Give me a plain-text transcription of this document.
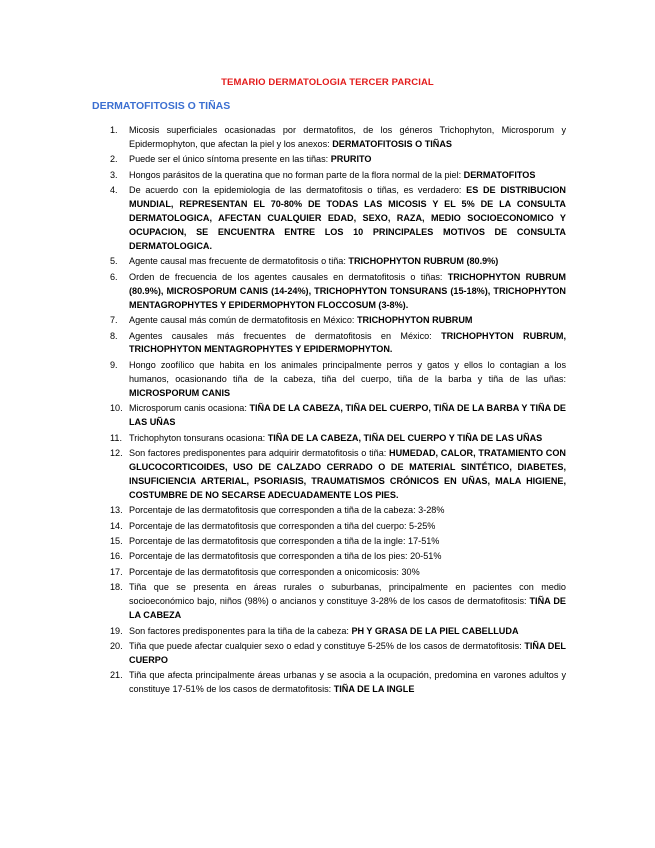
TEMARIO DERMATOLOGIA TERCER PARCIAL
DERMATOFITOSIS O TIÑAS
1. Micosis superficiales ocasionadas por dermatofitos, de los géneros Trichophyton, Microsporum y Epidermophyton, que afectan la piel y los anexos: DERMATOFITOSIS O TIÑAS
2. Puede ser el único síntoma presente en las tiñas: PRURITO
3. Hongos parásitos de la queratina que no forman parte de la flora normal de la piel: DERMATOFITOS
4. De acuerdo con la epidemiologia de las dermatofitosis o tiñas, es verdadero: ES DE DISTRIBUCION MUNDIAL, REPRESENTAN EL 70-80% DE TODAS LAS MICOSIS Y EL 5% DE LA CONSULTA DERMATOLOGICA, AFECTAN CUALQUIER EDAD, SEXO, RAZA, MEDIO SOCIOECONOMICO Y OCUPACION, SE ENCUENTRA ENTRE LOS 10 PRINCIPALES MOTIVOS DE CONSULTA DERMATOLOGICA.
5. Agente causal mas frecuente de dermatofitosis o tiña: TRICHOPHYTON RUBRUM (80.9%)
6. Orden de frecuencia de los agentes causales en dermatofitosis o tiñas: TRICHOPHYTON RUBRUM (80.9%), MICROSPORUM CANIS (14-24%), TRICHOPHYTON TONSURANS (15-18%), TRICHOPHYTON MENTAGROPHYTES Y EPIDERMOPHYTON FLOCCOSUM (3-8%).
7. Agente causal más común de dermatofitosis en México: TRICHOPHYTON RUBRUM
8. Agentes causales más frecuentes de dermatofitosis en México: TRICHOPHYTON RUBRUM, TRICHOPHYTON MENTAGROPHYTES Y EPIDERMOPHYTON.
9. Hongo zoofílico que habita en los animales principalmente perros y gatos y ellos lo contagian a los humanos, ocasionando tiña de la cabeza, tiña del cuerpo, tiña de la barba y tiña de las uñas: MICROSPORUM CANIS
10. Microsporum canis ocasiona: TIÑA DE LA CABEZA, TIÑA DEL CUERPO, TIÑA DE LA BARBA Y TIÑA DE LAS UÑAS
11. Trichophyton tonsurans ocasiona: TIÑA DE LA CABEZA, TIÑA DEL CUERPO Y TIÑA DE LAS UÑAS
12. Son factores predisponentes para adquirir dermatofitosis o tiña: HUMEDAD, CALOR, TRATAMIENTO CON GLUCOCORTICOIDES, USO DE CALZADO CERRADO O DE MATERIAL SINTÉTICO, DIABETES, INSUFICIENCIA ARTERIAL, PSORIASIS, TRAUMATISMOS CRÓNICOS EN UÑAS, MALA HIGIENE, COSTUMBRE DE NO SECARSE ADECUADAMENTE LOS PIES.
13. Porcentaje de las dermatofitosis que corresponden a tiña de la cabeza: 3-28%
14. Porcentaje de las dermatofitosis que corresponden a tiña del cuerpo: 5-25%
15. Porcentaje de las dermatofitosis que corresponden a tiña de la ingle: 17-51%
16. Porcentaje de las dermatofitosis que corresponden a tiña de los pies: 20-51%
17. Porcentaje de las dermatofitosis que corresponden a onicomicosis: 30%
18. Tiña que se presenta en áreas rurales o suburbanas, principalmente en pacientes con medio socioeconómico bajo, niños (98%) o ancianos y constituye 3-28% de los casos de dermatofitosis: TIÑA DE LA CABEZA
19. Son factores predisponentes para la tiña de la cabeza: PH Y GRASA DE LA PIEL CABELLUDA
20. Tiña que puede afectar cualquier sexo o edad y constituye 5-25% de los casos de dermatofitosis: TIÑA DEL CUERPO
21. Tiña que afecta principalmente áreas urbanas y se asocia a la ocupación, predomina en varones adultos y constituye 17-51% de los casos de dermatofitosis: TIÑA DE LA INGLE
